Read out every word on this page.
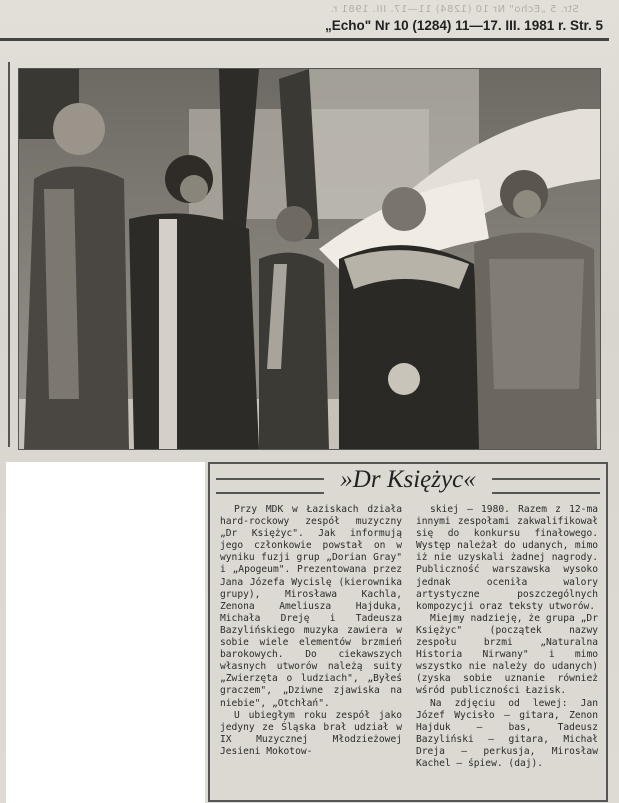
Str. 5 „Echo" Nr 10 (1284) 11—17. III. 1981 r.
„Echo" Nr 10 (1284) 11—17. III. 1981 r. Str. 5
»Dr Księżyc«

Przy MDK w Łaziskach działa hard-rockowy zespół muzyczny „Dr Księżyc". Jak informują jego członkowie powstał on w wyniku fuzji grup „Dorian Gray" i „Apogeum". Prezentowana przez Jana Józefa Wycislę (kierownika grupy), Mirosława Kachla, Zenona Ameliusza Hajduka, Michała Dreję i Tadeusza Bazylińskiego muzyka zawiera w sobie wiele elementów brzmień barokowych. Do ciekawszych własnych utworów należą suity „Zwierzęta o ludziach", „Byłeś graczem", „Dziwne zjawiska na niebie", „Otchłań".

U ubiegłym roku zespół jako jedyny ze Śląska brał udział w IX Muzycznej Młodzieżowej Jesieni Mokotow-

skiej — 1980. Razem z 12-ma innymi zespołami zakwalifikował się do konkursu finałowego. Występ należał do udanych, mimo iż nie uzyskali żadnej nagrody. Publiczność warszawska wysoko jednak oceniła walory artystyczne poszczególnych kompozycji oraz teksty utworów.

Miejmy nadzieję, że grupa „Dr Księżyc" (początek nazwy zespołu brzmi „Naturalna Historia Nirwany" i mimo wszystko nie należy do udanych) (zyska sobie uznanie również wśród publiczności Łazisk.

Na zdjęciu od lewej: Jan Józef Wycisło — gitara, Zenon Hajduk — bas, Tadeusz Bazyliński — gitara, Michał Dreja — perkusja, Mirosław Kachel — śpiew. (daj).
